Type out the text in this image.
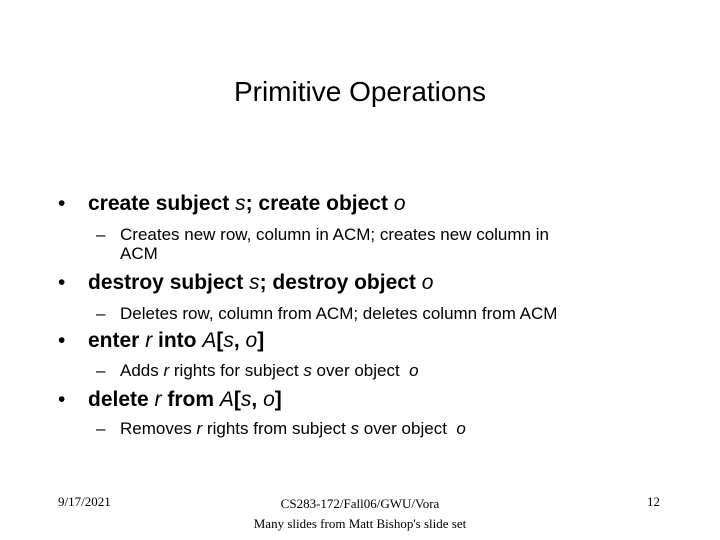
Primitive Operations
• create subject s; create object o
– Creates new row, column in ACM; creates new column in
ACM
• destroy subject s; destroy object o
– Deletes row, column from ACM; deletes column from ACM
• enter r into A[s, o]
– Adds r rights for subject s over object  o
• delete r from A[s, o]
– Removes r rights from subject s over object  o
9/17/2021	CS283-172/Fall06/GWU/Vora
Many slides from Matt Bishop's slide set
12
